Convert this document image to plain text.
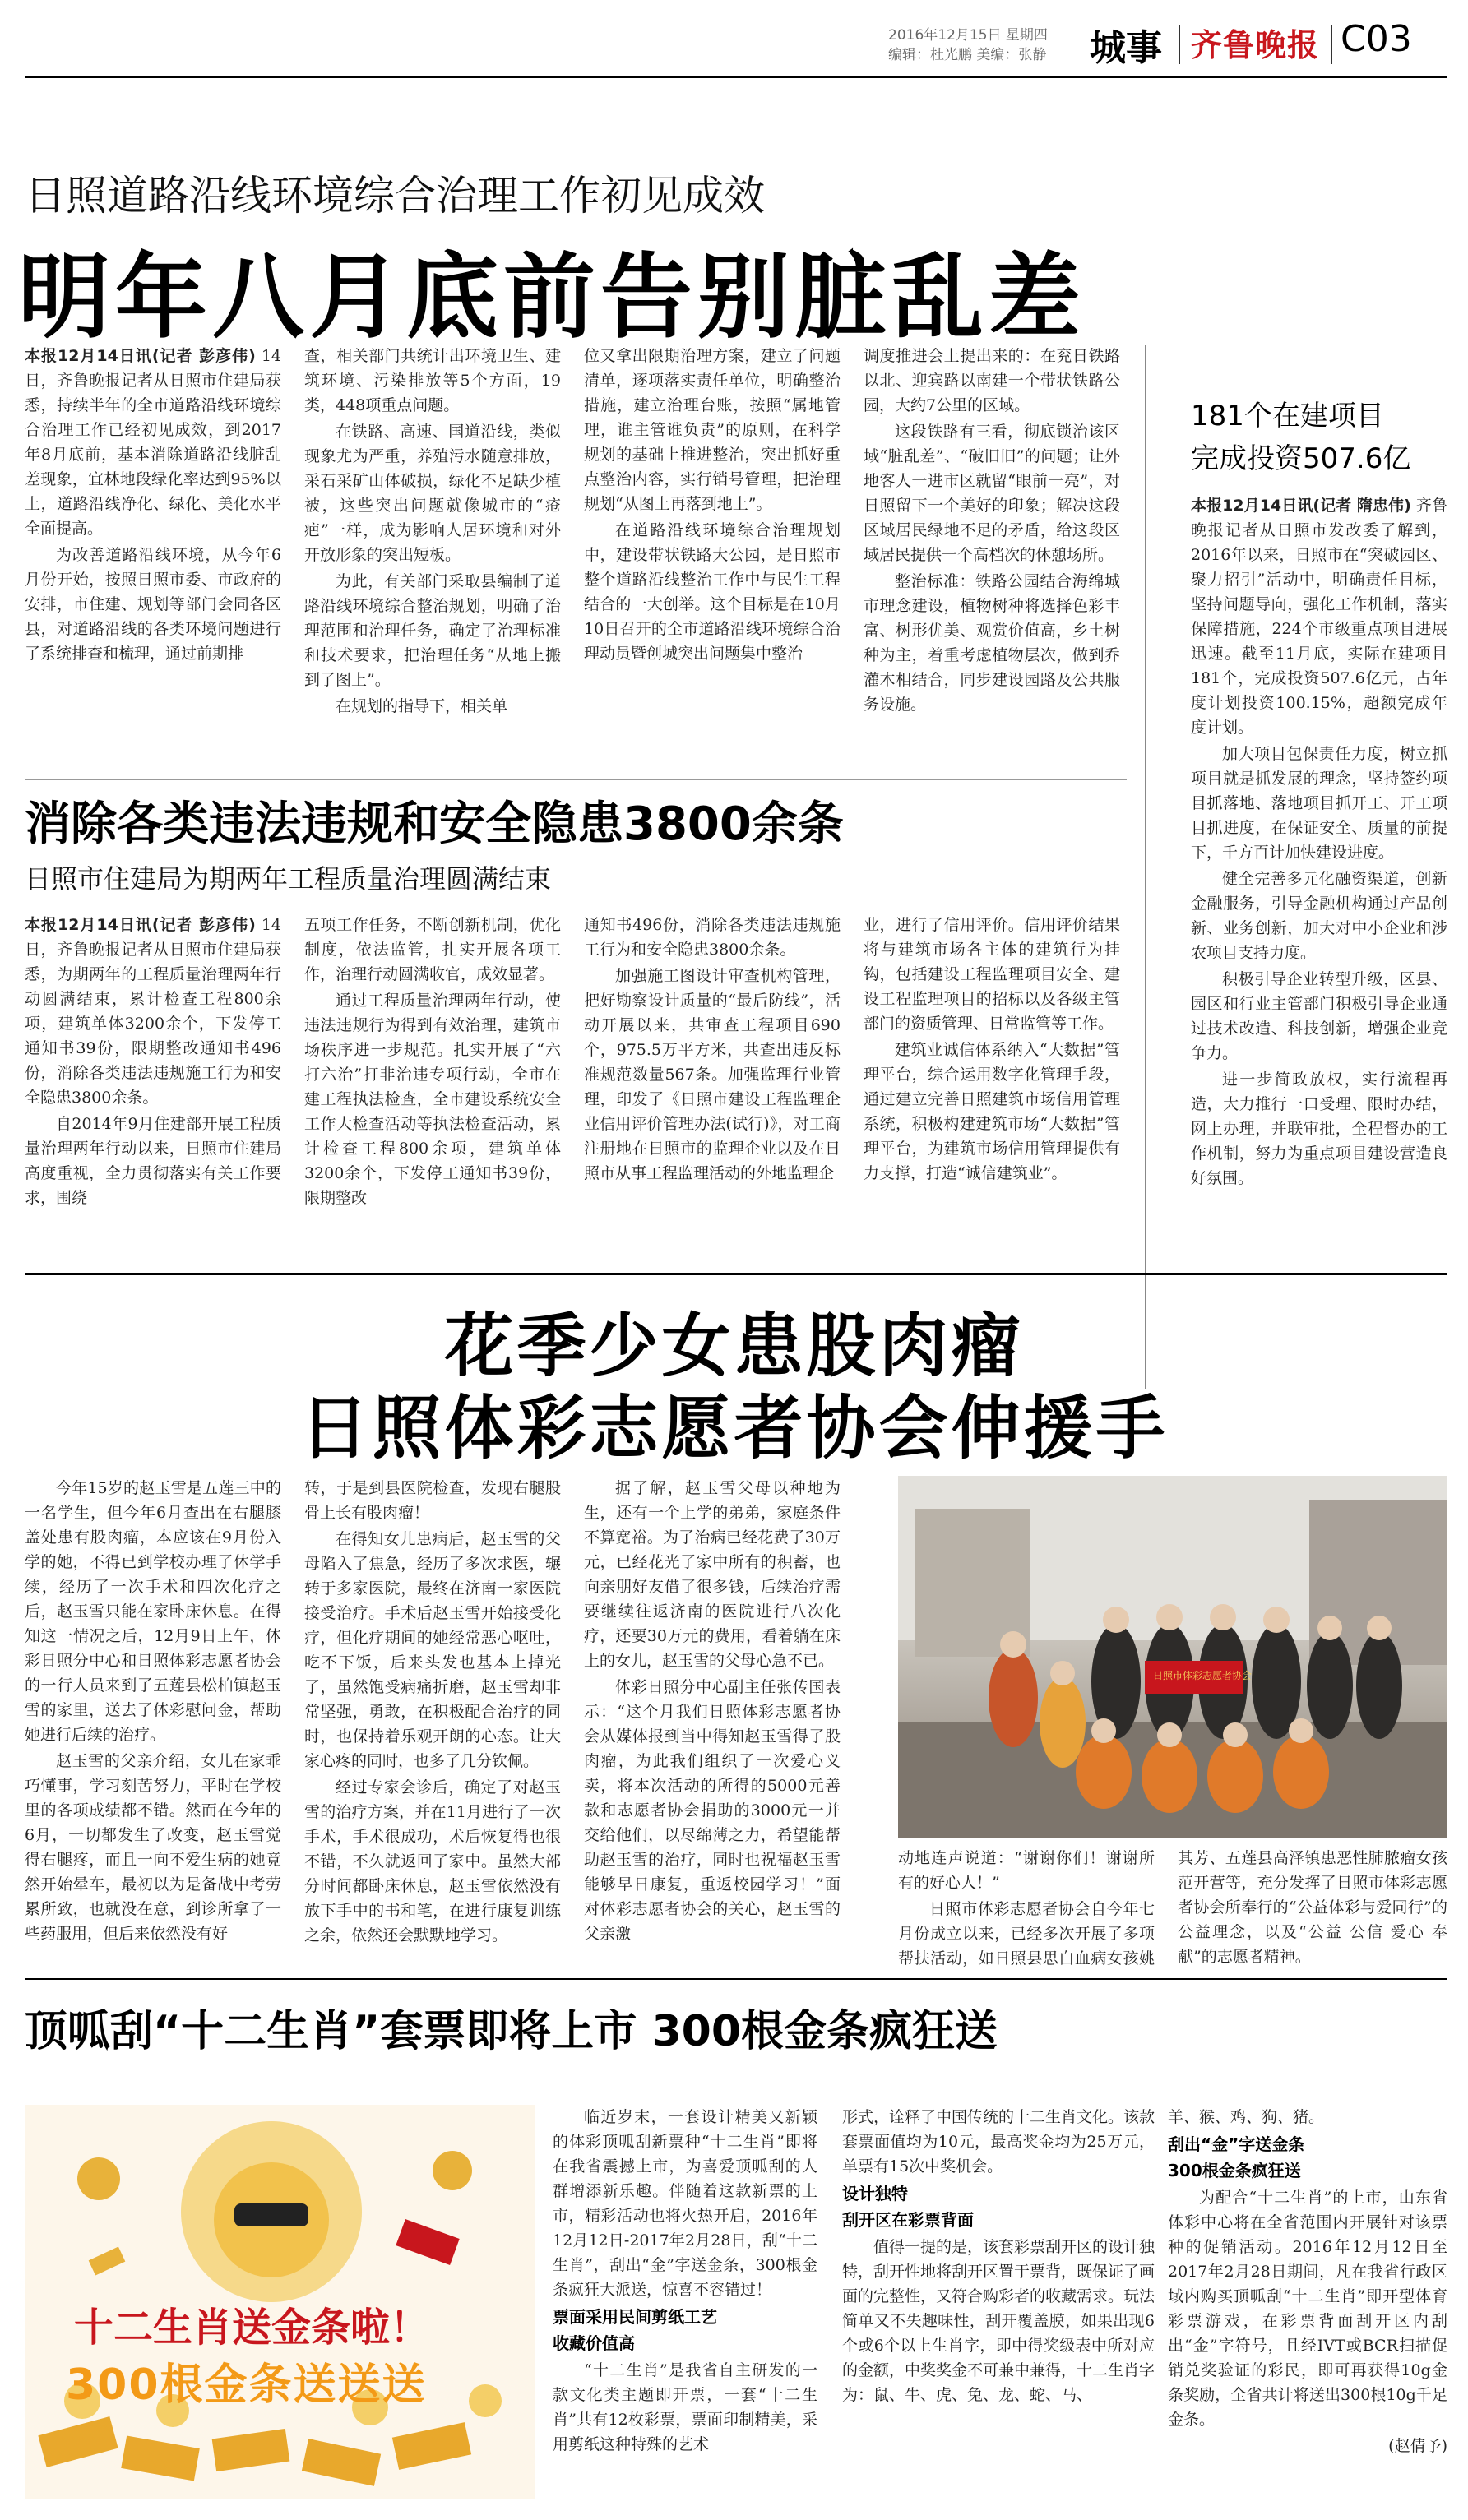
2016年12月15日 星期四
编辑：杜光鹏 美编：张静 城事 齐鲁晚报 C03
日照道路沿线环境综合治理工作初见成效
明年八月底前告别脏乱差

本报12月14日讯(记者 彭彦伟) 14日，齐鲁晚报记者从日照市住建局获悉，持续半年的全市道路沿线环境综合治理工作已经初见成效，到2017年8月底前，基本消除道路沿线脏乱差现象，宜林地段绿化率达到95%以上，道路沿线净化、绿化、美化水平全面提高。

为改善道路沿线环境，从今年6月份开始，按照日照市委、市政府的安排，市住建、规划等部门会同各区县，对道路沿线的各类环境问题进行了系统排查和梳理，通过前期排

查，相关部门共统计出环境卫生、建筑环境、污染排放等5个方面，19类，448项重点问题。

在铁路、高速、国道沿线，类似现象尤为严重，养殖污水随意排放，采石采矿山体破损，绿化不足缺少植被，这些突出问题就像城市的“疮疤”一样，成为影响人居环境和对外开放形象的突出短板。

为此，有关部门采取县编制了道路沿线环境综合整治规划，明确了治理范围和治理任务，确定了治理标准和技术要求，把治理任务“从地上搬到了图上”。

在规划的指导下，相关单

位又拿出限期治理方案，建立了问题清单，逐项落实责任单位，明确整治措施，建立治理台账，按照“属地管理，谁主管谁负责”的原则，在科学规划的基础上推进整治，突出抓好重点整治内容，实行销号管理，把治理规划“从图上再落到地上”。

在道路沿线环境综合治理规划中，建设带状铁路大公园，是日照市整个道路沿线整治工作中与民生工程结合的一大创举。这个目标是在10月10日召开的全市道路沿线环境综合治理动员暨创城突出问题集中整治

调度推进会上提出来的：在兖日铁路以北、迎宾路以南建一个带状铁路公园，大约7公里的区域。

这段铁路有三看，彻底锁治该区域“脏乱差”、“破旧旧”的问题；让外地客人一进市区就留“眼前一亮”，对日照留下一个美好的印象；解决这段区域居民绿地不足的矛盾，给这段区域居民提供一个高档次的休憩场所。

整治标准：铁路公园结合海绵城市理念建设，植物树种将选择色彩丰富、树形优美、观赏价值高，乡土树种为主，着重考虑植物层次，做到乔灌木相结合，同步建设园路及公共服务设施。

181个在建项目
完成投资507.6亿

本报12月14日讯(记者 隋忠伟) 齐鲁晚报记者从日照市发改委了解到，2016年以来，日照市在“突破园区、聚力招引”活动中，明确责任目标，坚持问题导向，强化工作机制，落实保障措施，224个市级重点项目进展迅速。截至11月底，实际在建项目181个，完成投资507.6亿元，占年度计划投资100.15%，超额完成年度计划。

加大项目包保责任力度，树立抓项目就是抓发展的理念，坚持签约项目抓落地、落地项目抓开工、开工项目抓进度，在保证安全、质量的前提下，千方百计加快建设进度。

健全完善多元化融资渠道，创新金融服务，引导金融机构通过产品创新、业务创新，加大对中小企业和涉农项目支持力度。

积极引导企业转型升级，区县、园区和行业主管部门积极引导企业通过技术改造、科技创新，增强企业竞争力。

进一步简政放权，实行流程再造，大力推行一口受理、限时办结，网上办理，并联审批，全程督办的工作机制，努力为重点项目建设营造良好氛围。

消除各类违法违规和安全隐患3800余条
日照市住建局为期两年工程质量治理圆满结束

本报12月14日讯(记者 彭彦伟) 14日，齐鲁晚报记者从日照市住建局获悉，为期两年的工程质量治理两年行动圆满结束，累计检查工程800余项，建筑单体3200余个，下发停工通知书39份，限期整改通知书496份，消除各类违法违规施工行为和安全隐患3800余条。

自2014年9月住建部开展工程质量治理两年行动以来，日照市住建局高度重视，全力贯彻落实有关工作要求，围绕

五项工作任务，不断创新机制，优化制度，依法监管，扎实开展各项工作，治理行动圆满收官，成效显著。

通过工程质量治理两年行动，使违法违规行为得到有效治理，建筑市场秩序进一步规范。扎实开展了“六打六治”打非治违专项行动，全市在建工程执法检查，全市建设系统安全工作大检查活动等执法检查活动，累计检查工程800余项，建筑单体3200余个，下发停工通知书39份，限期整改

通知书496份，消除各类违法违规施工行为和安全隐患3800余条。

加强施工图设计审查机构管理，把好勘察设计质量的“最后防线”，活动开展以来，共审查工程项目690个，975.5万平方米，共查出违反标准规范数量567条。加强监理行业管理，印发了《日照市建设工程监理企业信用评价管理办法(试行)》，对工商注册地在日照市的监理企业以及在日照市从事工程监理活动的外地监理企

业，进行了信用评价。信用评价结果将与建筑市场各主体的建筑行为挂钩，包括建设工程监理项目安全、建设工程监理项目的招标以及各级主管部门的资质管理、日常监管等工作。

建筑业诚信体系纳入“大数据”管理平台，综合运用数字化管理手段，通过建立完善日照建筑市场信用管理系统，积极构建建筑市场“大数据”管理平台，为建筑市场信用管理提供有力支撑，打造“诚信建筑业”。

花季少女患股肉瘤
日照体彩志愿者协会伸援手

今年15岁的赵玉雪是五莲三中的一名学生，但今年6月查出在右腿膝盖处患有股肉瘤，本应该在9月份入学的她，不得已到学校办理了休学手续，经历了一次手术和四次化疗之后，赵玉雪只能在家卧床休息。在得知这一情况之后，12月9日上午，体彩日照分中心和日照体彩志愿者协会的一行人员来到了五莲县松柏镇赵玉雪的家里，送去了体彩慰问金，帮助她进行后续的治疗。

赵玉雪的父亲介绍，女儿在家乖巧懂事，学习刻苦努力，平时在学校里的各项成绩都不错。然而在今年的6月，一切都发生了改变，赵玉雪觉得右腿疼，而且一向不爱生病的她竟然开始晕车，最初以为是备战中考劳累所致，也就没在意，到诊所拿了一些药服用，但后来依然没有好

转，于是到县医院检查，发现右腿股骨上长有股肉瘤！

在得知女儿患病后，赵玉雪的父母陷入了焦急，经历了多次求医，辗转于多家医院，最终在济南一家医院接受治疗。手术后赵玉雪开始接受化疗，但化疗期间的她经常恶心呕吐，吃不下饭，后来头发也基本上掉光了，虽然饱受病痛折磨，赵玉雪却非常坚强，勇敢，在积极配合治疗的同时，也保持着乐观开朗的心态。让大家心疼的同时，也多了几分钦佩。

经过专家会诊后，确定了对赵玉雪的治疗方案，并在11月进行了一次手术，手术很成功，术后恢复得也很不错，不久就返回了家中。虽然大部分时间都卧床休息，赵玉雪依然没有放下手中的书和笔，在进行康复训练之余，依然还会默默地学习。

据了解，赵玉雪父母以种地为生，还有一个上学的弟弟，家庭条件不算宽裕。为了治病已经花费了30万元，已经花光了家中所有的积蓄，也向亲朋好友借了很多钱，后续治疗需要继续往返济南的医院进行八次化疗，还要30万元的费用，看着躺在床上的女儿，赵玉雪的父母心急不已。

体彩日照分中心副主任张传国表示：“这个月我们日照体彩志愿者协会从媒体报到当中得知赵玉雪得了股肉瘤，为此我们组织了一次爱心义卖，将本次活动的所得的5000元善款和志愿者协会捐助的3000元一并交给他们，以尽绵薄之力，希望能帮助赵玉雪的治疗，同时也祝福赵玉雪能够早日康复，重返校园学习！”面对体彩志愿者协会的关心，赵玉雪的父亲激

日照市体彩志愿者协会

动地连声说道：“谢谢你们！谢谢所有的好心人！”

日照市体彩志愿者协会自今年七月份成立以来，已经多次开展了多项帮扶活动，如日照县思白血病女孩姚

其芳、五莲县高泽镇患恶性肺脓瘤女孩范开营等，充分发挥了日照市体彩志愿者协会所奉行的“公益体彩与爱同行”的公益理念，以及“公益 公信 爱心 奉献”的志愿者精神。

顶呱刮“十二生肖”套票即将上市 300根金条疯狂送
十二生肖送金条啦！
300根金条送送送

临近岁末，一套设计精美又新颖的体彩顶呱刮新票种“十二生肖”即将在我省震撼上市，为喜爱顶呱刮的人群增添新乐趣。伴随着这款新票的上市，精彩活动也将火热开启，2016年12月12日-2017年2月28日，刮“十二生肖”，刮出“金”字送金条，300根金条疯狂大派送，惊喜不容错过！

票面采用民间剪纸工艺
收藏价值高

“十二生肖”是我省自主研发的一款文化类主题即开票，一套“十二生肖”共有12枚彩票，票面印制精美，采用剪纸这种特殊的艺术

形式，诠释了中国传统的十二生肖文化。该款套票面值均为10元，最高奖金均为25万元，单票有15次中奖机会。

设计独特
刮开区在彩票背面

值得一提的是，该套彩票刮开区的设计独特，刮开性地将刮开区置于票背，既保证了画面的完整性，又符合购彩者的收藏需求。玩法简单又不失趣味性，刮开覆盖膜，如果出现6个或6个以上生肖字，即中得奖级表中所对应的金额，中奖奖金不可兼中兼得，十二生肖字为：鼠、牛、虎、兔、龙、蛇、马、

羊、猴、鸡、狗、猪。

刮出“金”字送金条
300根金条疯狂送

为配合“十二生肖”的上市，山东省体彩中心将在全省范围内开展针对该票种的促销活动。2016年12月12日至2017年2月28日期间，凡在我省行政区域内购买顶呱刮“十二生肖”即开型体育彩票游戏，在彩票背面刮开区内刮出“金”字符号，且经IVT或BCR扫描促销兑奖验证的彩民，即可再获得10g金条奖励，全省共计将送出300根10g千足金条。

(赵倩予)
